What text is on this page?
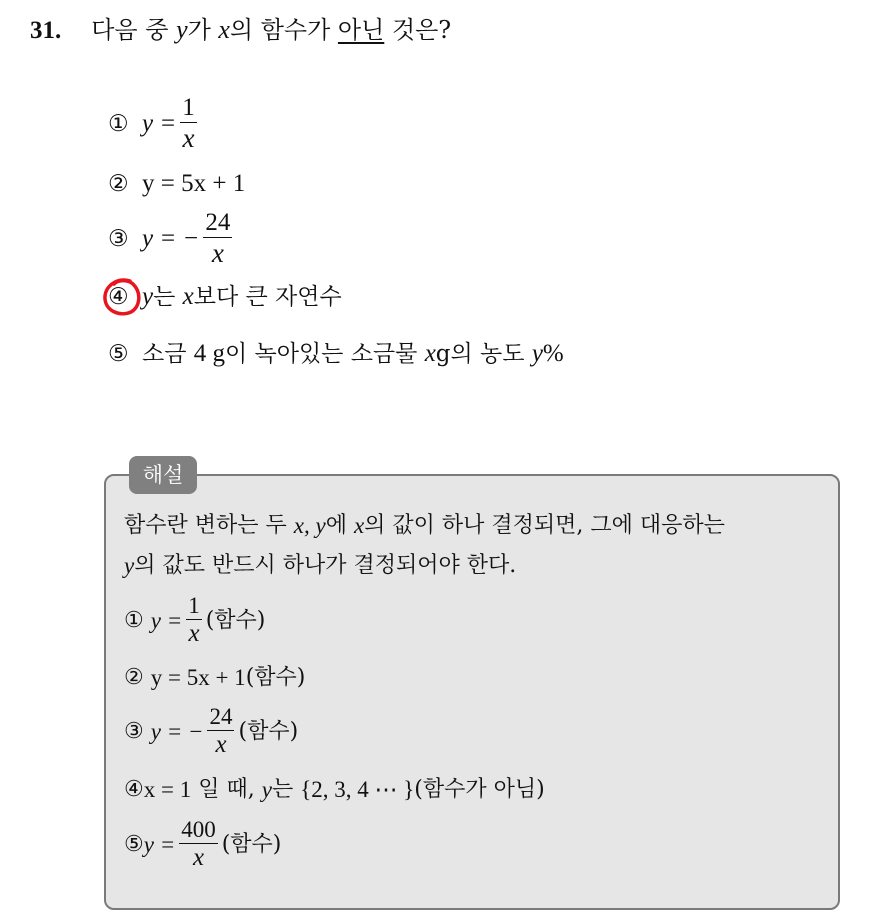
31. 다음 중 y가 x의 함수가 아닌 것은?
① $y = \frac{1}{x}$
② y = 5x + 1
③ y = − $\frac{24}{x}$
④ y 는
x 보다 큰 자연수
⑤ 소금
4 g 이 녹아있는 소금물
x g의 농도
y %
해설
함수란 변하는 두
x, y 에
x 의 값이 하나 결정되면, 그에 대응하는
y 의 값도 반드시 하나가 결정되어야 한다.
①
$y = \frac{1}{x}$ (함수)
②
y = 5x + 1 (함수)
③
y = − $\frac{24}{x}$ (함수)
④ x = 1
일 때,
y 는
{2, 3, 4 ⋯ } (함수가 아님)
⑤ $y = \frac{400}{x}$ (함수)
